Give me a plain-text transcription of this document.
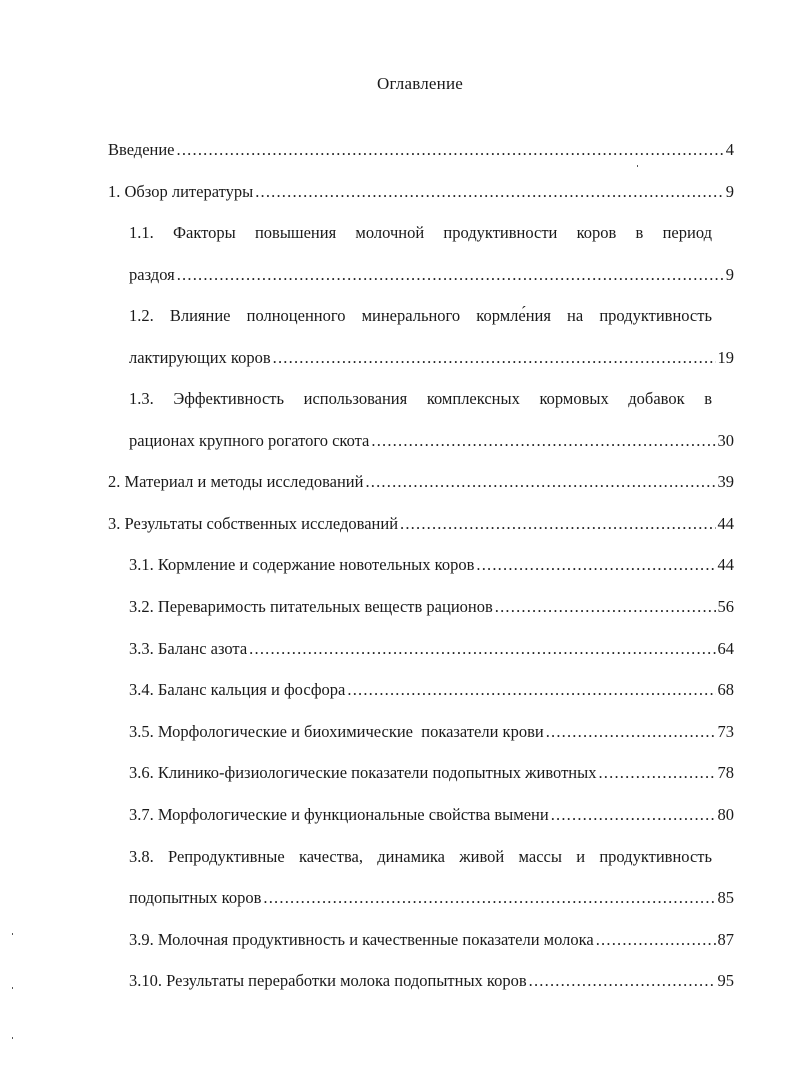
Оглавление
Введение .....	4
1. Обзор литературы .....	9
1.1. Факторы повышения молочной продуктивности коров в период
раздоя .....	9
1.2. Влияние полноценного минерального кормле́ния на продуктивность
лактирующих коров .....	19
1.3. Эффективность использования комплексных кормовых добавок в
рационах крупного рогатого скота .....	30
2. Материал и методы исследований .....	39
3. Результаты собственных исследований .....	44
3.1. Кормление и содержание новотельных коров .....	44
3.2. Переваримость питательных веществ рационов .....	56
3.3. Баланс азота .....	64
3.4. Баланс кальция и фосфора .....	68
3.5. Морфологические и биохимические  показатели крови .....	73
3.6. Клинико-физиологические показатели подопытных животных .....	78
3.7. Морфологические и функциональные свойства вымени .....	80
3.8. Репродуктивные качества, динамика живой массы и продуктивность
подопытных коров .....	85
3.9. Молочная продуктивность и качественные показатели молока .....	87
3.10. Результаты переработки молока подопытных коров .....	95
